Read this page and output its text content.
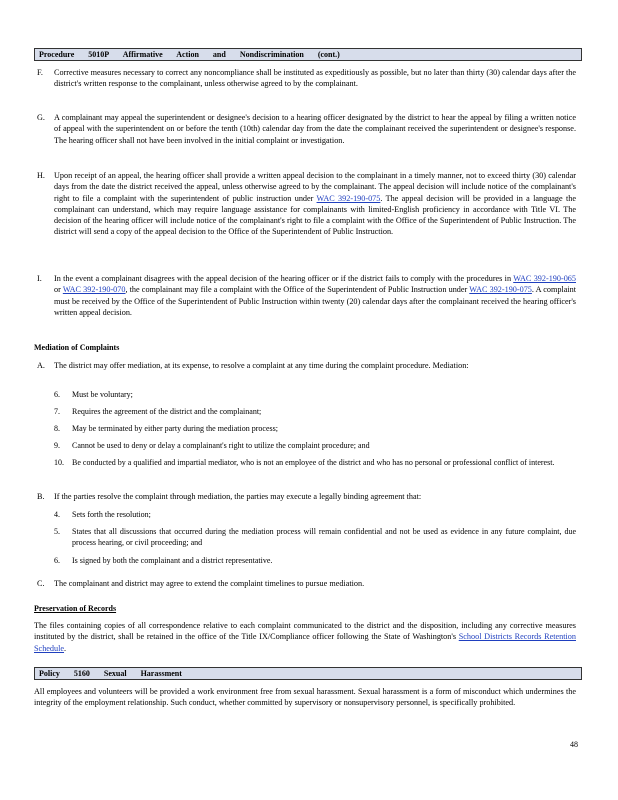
Procedure 5010P Affirmative Action and Nondiscrimination (cont.)
F. Corrective measures necessary to correct any noncompliance shall be instituted as expeditiously as possible, but no later than thirty (30) calendar days after the district's written response to the complainant, unless otherwise agreed to by the complainant.
G. A complainant may appeal the superintendent or designee's decision to a hearing officer designated by the district to hear the appeal by filing a written notice of appeal with the superintendent on or before the tenth (10th) calendar day from the date the complainant received the superintendent or designee's response. The hearing officer shall not have been involved in the initial complaint or investigation.
H. Upon receipt of an appeal, the hearing officer shall provide a written appeal decision to the complainant in a timely manner, not to exceed thirty (30) calendar days from the date the district received the appeal, unless otherwise agreed to by the complainant. The appeal decision will include notice of the complainant's right to file a complaint with the superintendent of public instruction under WAC 392-190-075. The appeal decision will be provided in a language the complainant can understand, which may require language assistance for complainants with limited-English proficiency in accordance with Title VI. The decision of the hearing officer will include notice of the complainant's right to file a complaint with the Office of the Superintendent of Public Instruction. The district will send a copy of the appeal decision to the Office of the Superintendent of Public Instruction.
I. In the event a complainant disagrees with the appeal decision of the hearing officer or if the district fails to comply with the procedures in WAC 392-190-065 or WAC 392-190-070, the complainant may file a complaint with the Office of the Superintendent of Public Instruction under WAC 392-190-075. A complaint must be received by the Office of the Superintendent of Public Instruction within twenty (20) calendar days after the complainant received the hearing officer's written appeal decision.
Mediation of Complaints
A. The district may offer mediation, at its expense, to resolve a complaint at any time during the complaint procedure. Mediation:
6. Must be voluntary;
7. Requires the agreement of the district and the complainant;
8. May be terminated by either party during the mediation process;
9. Cannot be used to deny or delay a complainant's right to utilize the complaint procedure; and
10. Be conducted by a qualified and impartial mediator, who is not an employee of the district and who has no personal or professional conflict of interest.
B. If the parties resolve the complaint through mediation, the parties may execute a legally binding agreement that:
4. Sets forth the resolution;
5. States that all discussions that occurred during the mediation process will remain confidential and not be used as evidence in any future complaint, due process hearing, or civil proceeding; and
6. Is signed by both the complainant and a district representative.
C. The complainant and district may agree to extend the complaint timelines to pursue mediation.
Preservation of Records
The files containing copies of all correspondence relative to each complaint communicated to the district and the disposition, including any corrective measures instituted by the district, shall be retained in the office of the Title IX/Compliance officer following the State of Washington's School Districts Records Retention Schedule.
Policy 5160 Sexual Harassment
All employees and volunteers will be provided a work environment free from sexual harassment. Sexual harassment is a form of misconduct which undermines the integrity of the employment relationship. Such conduct, whether committed by supervisory or nonsupervisory personnel, is specifically prohibited.
48
